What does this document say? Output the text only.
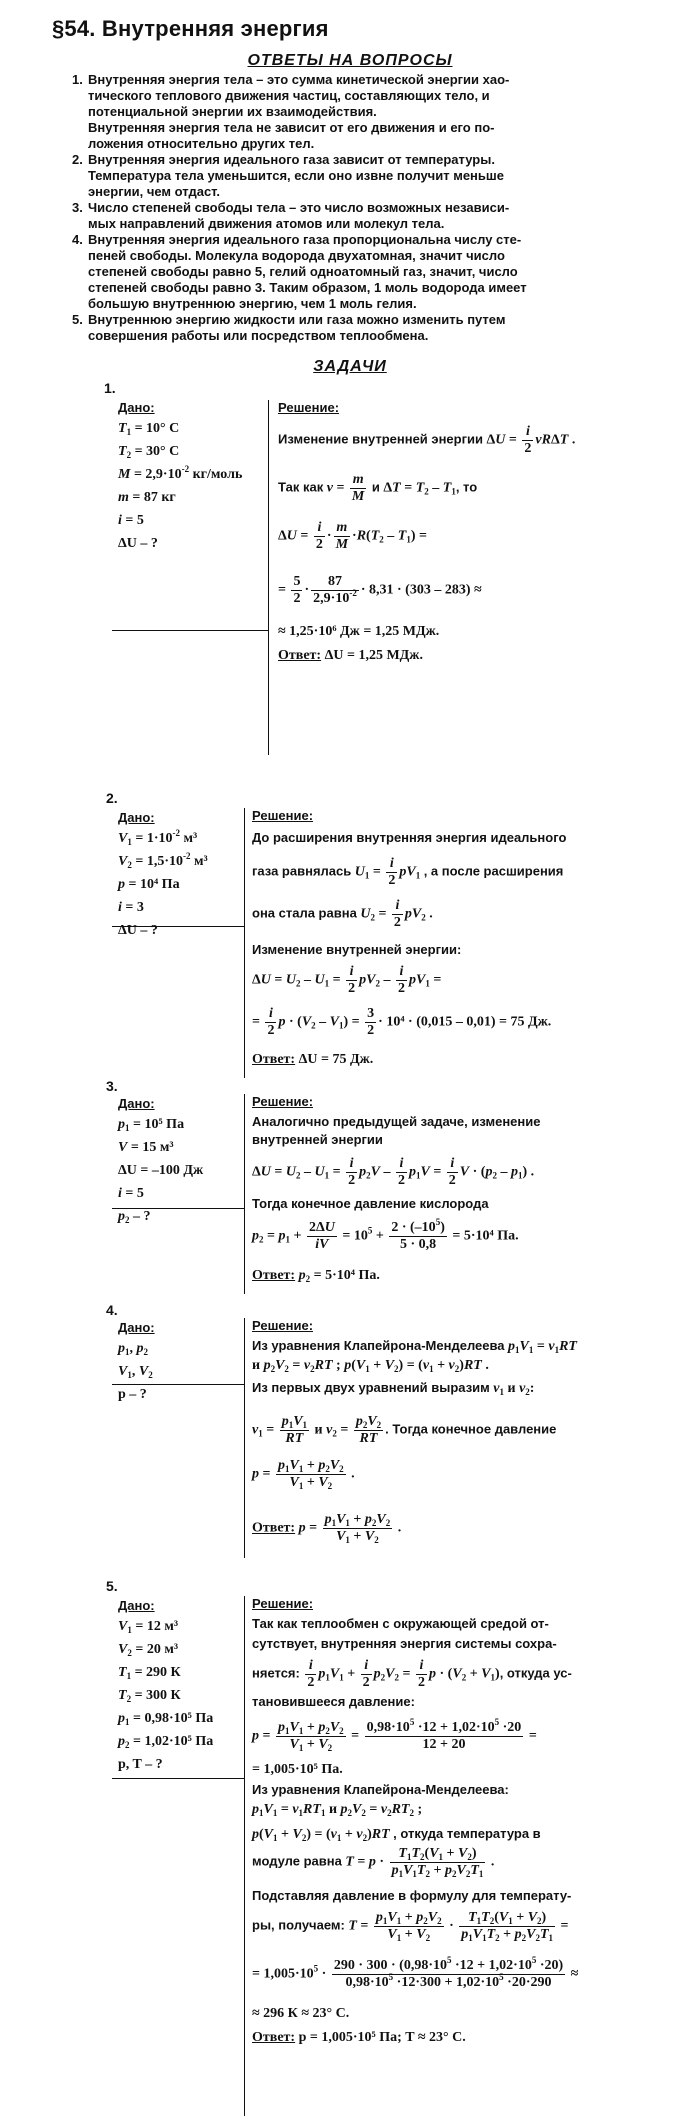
§54. Внутренняя энергия
ОТВЕТЫ НА ВОПРОСЫ
1. Внутренняя энергия тела – это сумма кинетической энергии хао-
тического теплового движения частиц, составляющих тело, и
потенциальной энергии их взаимодействия.
Внутренняя энергия тела не зависит от его движения и его по-
ложения относительно других тел.
2. Внутренняя энергия идеального газа зависит от температуры.
Температура тела уменьшится, если оно извне получит меньше
энергии, чем отдаст.
3. Число степеней свободы тела – это число возможных независи-
мых направлений движения атомов или молекул тела.
4. Внутренняя энергия идеального газа пропорциональна числу сте-
пеней свободы. Молекула водорода двухатомная, значит число
степеней свободы равно 5, гелий одноатомный газ, значит, число
степеней свободы равно 3. Таким образом, 1 моль водорода имеет
большую внутреннюю энергию, чем 1 моль гелия.
5. Внутреннюю энергию жидкости или газа можно изменить путем
совершения работы или посредством теплообмена.
ЗАДАЧИ
1.
Дано:
$T_1 = 10^\circ$ C
$T_2 = 30^\circ$ C
$M = 2,9\cdot 10^{-2}$ кг/моль
m = 87 кг
i = 5
ΔU – ?
Решение:
Изменение внутренней энергии $\Delta U = \frac{i}{2}$ νRΔT .
Так как $\nu = \frac{m}{M}$ и $\Delta T = T_2 - T_1$, то
$\Delta U = \frac{i}{2} \cdot \frac{m}{M} \cdot R(T_2 - T_1)$ =
= $\frac{5}{2} \cdot \frac{87}{2,9\cdot 10^{-2}} \cdot 8,31 \cdot (303 - 283)$ ≈
≈ 1,25·10⁶ Дж = 1,25 МДж.
Ответ: ΔU = 1,25 МДж.
2.
Дано:
$V_1 = 1\cdot 10^{-2}$ м³
$V_2 = 1,5\cdot 10^{-2}$ м³
p = 10⁴ Па
i = 3
ΔU – ?
Решение:
До расширения внутренняя энергия идеального
газа равнялась $U_1 = \frac{i}{2} pV_1$ , а после расширения
она стала равна $U_2 = \frac{i}{2} pV_2$ .
Изменение внутренней энергии:
$\Delta U = U_2 - U_1 = \frac{i}{2} pV_2 - \frac{i}{2} pV_1$ =
= $\frac{i}{2}$ $p \cdot (V_2 - V_1) = \frac{3}{2} \cdot 10^4 \cdot (0,015 - 0,01) = 75$ Дж.
Ответ: ΔU = 75 Дж.
3.
Дано:
$p_1 = 10^5$ Па
V = 15 м³
ΔU = –100 Дж
i = 5
$p_2$ – ?
Решение:
Аналогично предыдущей задаче, изменение
внутренней энергии
$\Delta U = U_2 - U_1 = \frac{i}{2} p_2V - \frac{i}{2} p_1V = \frac{i}{2}$ $V \cdot (p_2 - p_1)$ .
Тогда конечное давление кислорода
$p_2 = p_1 + \frac{2\Delta U}{iV} = 10^5 + \frac{2 \cdot (-10^5)}{5 \cdot 0,8} = 5\cdot 10^4$ Па.
Ответ: $p_2 = 5\cdot 10^4$ Па.
4.
Дано:
$p_1$, $p_2$
$V_1$, $V_2$
p – ?
Решение:
Из уравнения Клапейрона-Менделеева $p_1V_1 = \nu_1RT$
и $p_2V_2 = \nu_2RT$ ; $p(V_1 + V_2) = (\nu_1 + \nu_2)RT$ .
Из первых двух уравнений выразим $\nu_1$ и $\nu_2$:
$\nu_1 = \frac{p_1V_1}{RT}$ и $\nu_2 = \frac{p_2V_2}{RT}$ . Тогда конечное давление
$p = \frac{p_1V_1 + p_2V_2}{V_1 + V_2}$ .
Ответ: $p = \frac{p_1V_1 + p_2V_2}{V_1 + V_2}$ .
5.
Дано:
$V_1 = 12$ м³
$V_2 = 20$ м³
$T_1 = 290$ К
$T_2 = 300$ К
$p_1 = 0,98\cdot 10^5$ Па
$p_2 = 1,02\cdot 10^5$ Па
p, T – ?
Решение:
Так как теплообмен с окружающей средой от-
сутствует, внутренняя энергия системы сохра-
няется: $\frac{i}{2} p_1V_1 + \frac{i}{2} p_2V_2 = \frac{i}{2}$ $p \cdot (V_2 + V_1)$, откуда ус-
тановившееся давление:
$p = \frac{p_1V_1 + p_2V_2}{V_1 + V_2} = \frac{0,98\cdot 10^5 \cdot 12 + 1,02\cdot 10^5 \cdot 20}{12 + 20}$ =
= 1,005·10⁵ Па.
Из уравнения Клапейрона-Менделеева:
$p_1V_1 = \nu_1RT_1$ и $p_2V_2 = \nu_2RT_2$ ;
$p(V_1 + V_2) = (\nu_1 + \nu_2)RT$ , откуда температура в
модуле равна $T = p \cdot \frac{T_1T_2(V_1 + V_2)}{p_1V_1T_2 + p_2V_2T_1}$ .
Подставляя давление в формулу для температу-
ры, получаем: $T = \frac{p_1V_1 + p_2V_2}{V_1 + V_2} \cdot \frac{T_1T_2(V_1 + V_2)}{p_1V_1T_2 + p_2V_2T_1}$ =
= $1,005\cdot 10^5 \cdot \frac{290 \cdot 300 \cdot (0,98\cdot 10^5 \cdot 12 + 1,02\cdot 10^5 \cdot 20)}{0,98\cdot 10^5 \cdot 12\cdot 300 + 1,02\cdot 10^5 \cdot 20\cdot 290}$ ≈
≈ 296 К ≈ 23° С.
Ответ: p = 1,005·10⁵ Па; T ≈ 23° С.
